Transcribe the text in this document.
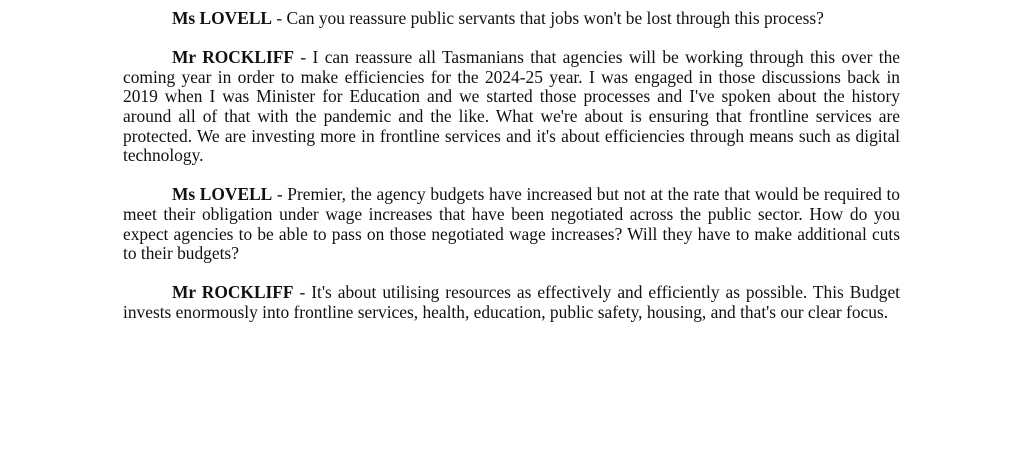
Ms LOVELL - Can you reassure public servants that jobs won't be lost through this process?

Mr ROCKLIFF - I can reassure all Tasmanians that agencies will be working through this over the coming year in order to make efficiencies for the 2024-25 year. I was engaged in those discussions back in 2019 when I was Minister for Education and we started those processes and I've spoken about the history around all of that with the pandemic and the like. What we're about is ensuring that frontline services are protected. We are investing more in frontline services and it's about efficiencies through means such as digital technology.

Ms LOVELL - Premier, the agency budgets have increased but not at the rate that would be required to meet their obligation under wage increases that have been negotiated across the public sector. How do you expect agencies to be able to pass on those negotiated wage increases? Will they have to make additional cuts to their budgets?

Mr ROCKLIFF - It's about utilising resources as effectively and efficiently as possible. This Budget invests enormously into frontline services, health, education, public safety, housing, and that's our clear focus.
